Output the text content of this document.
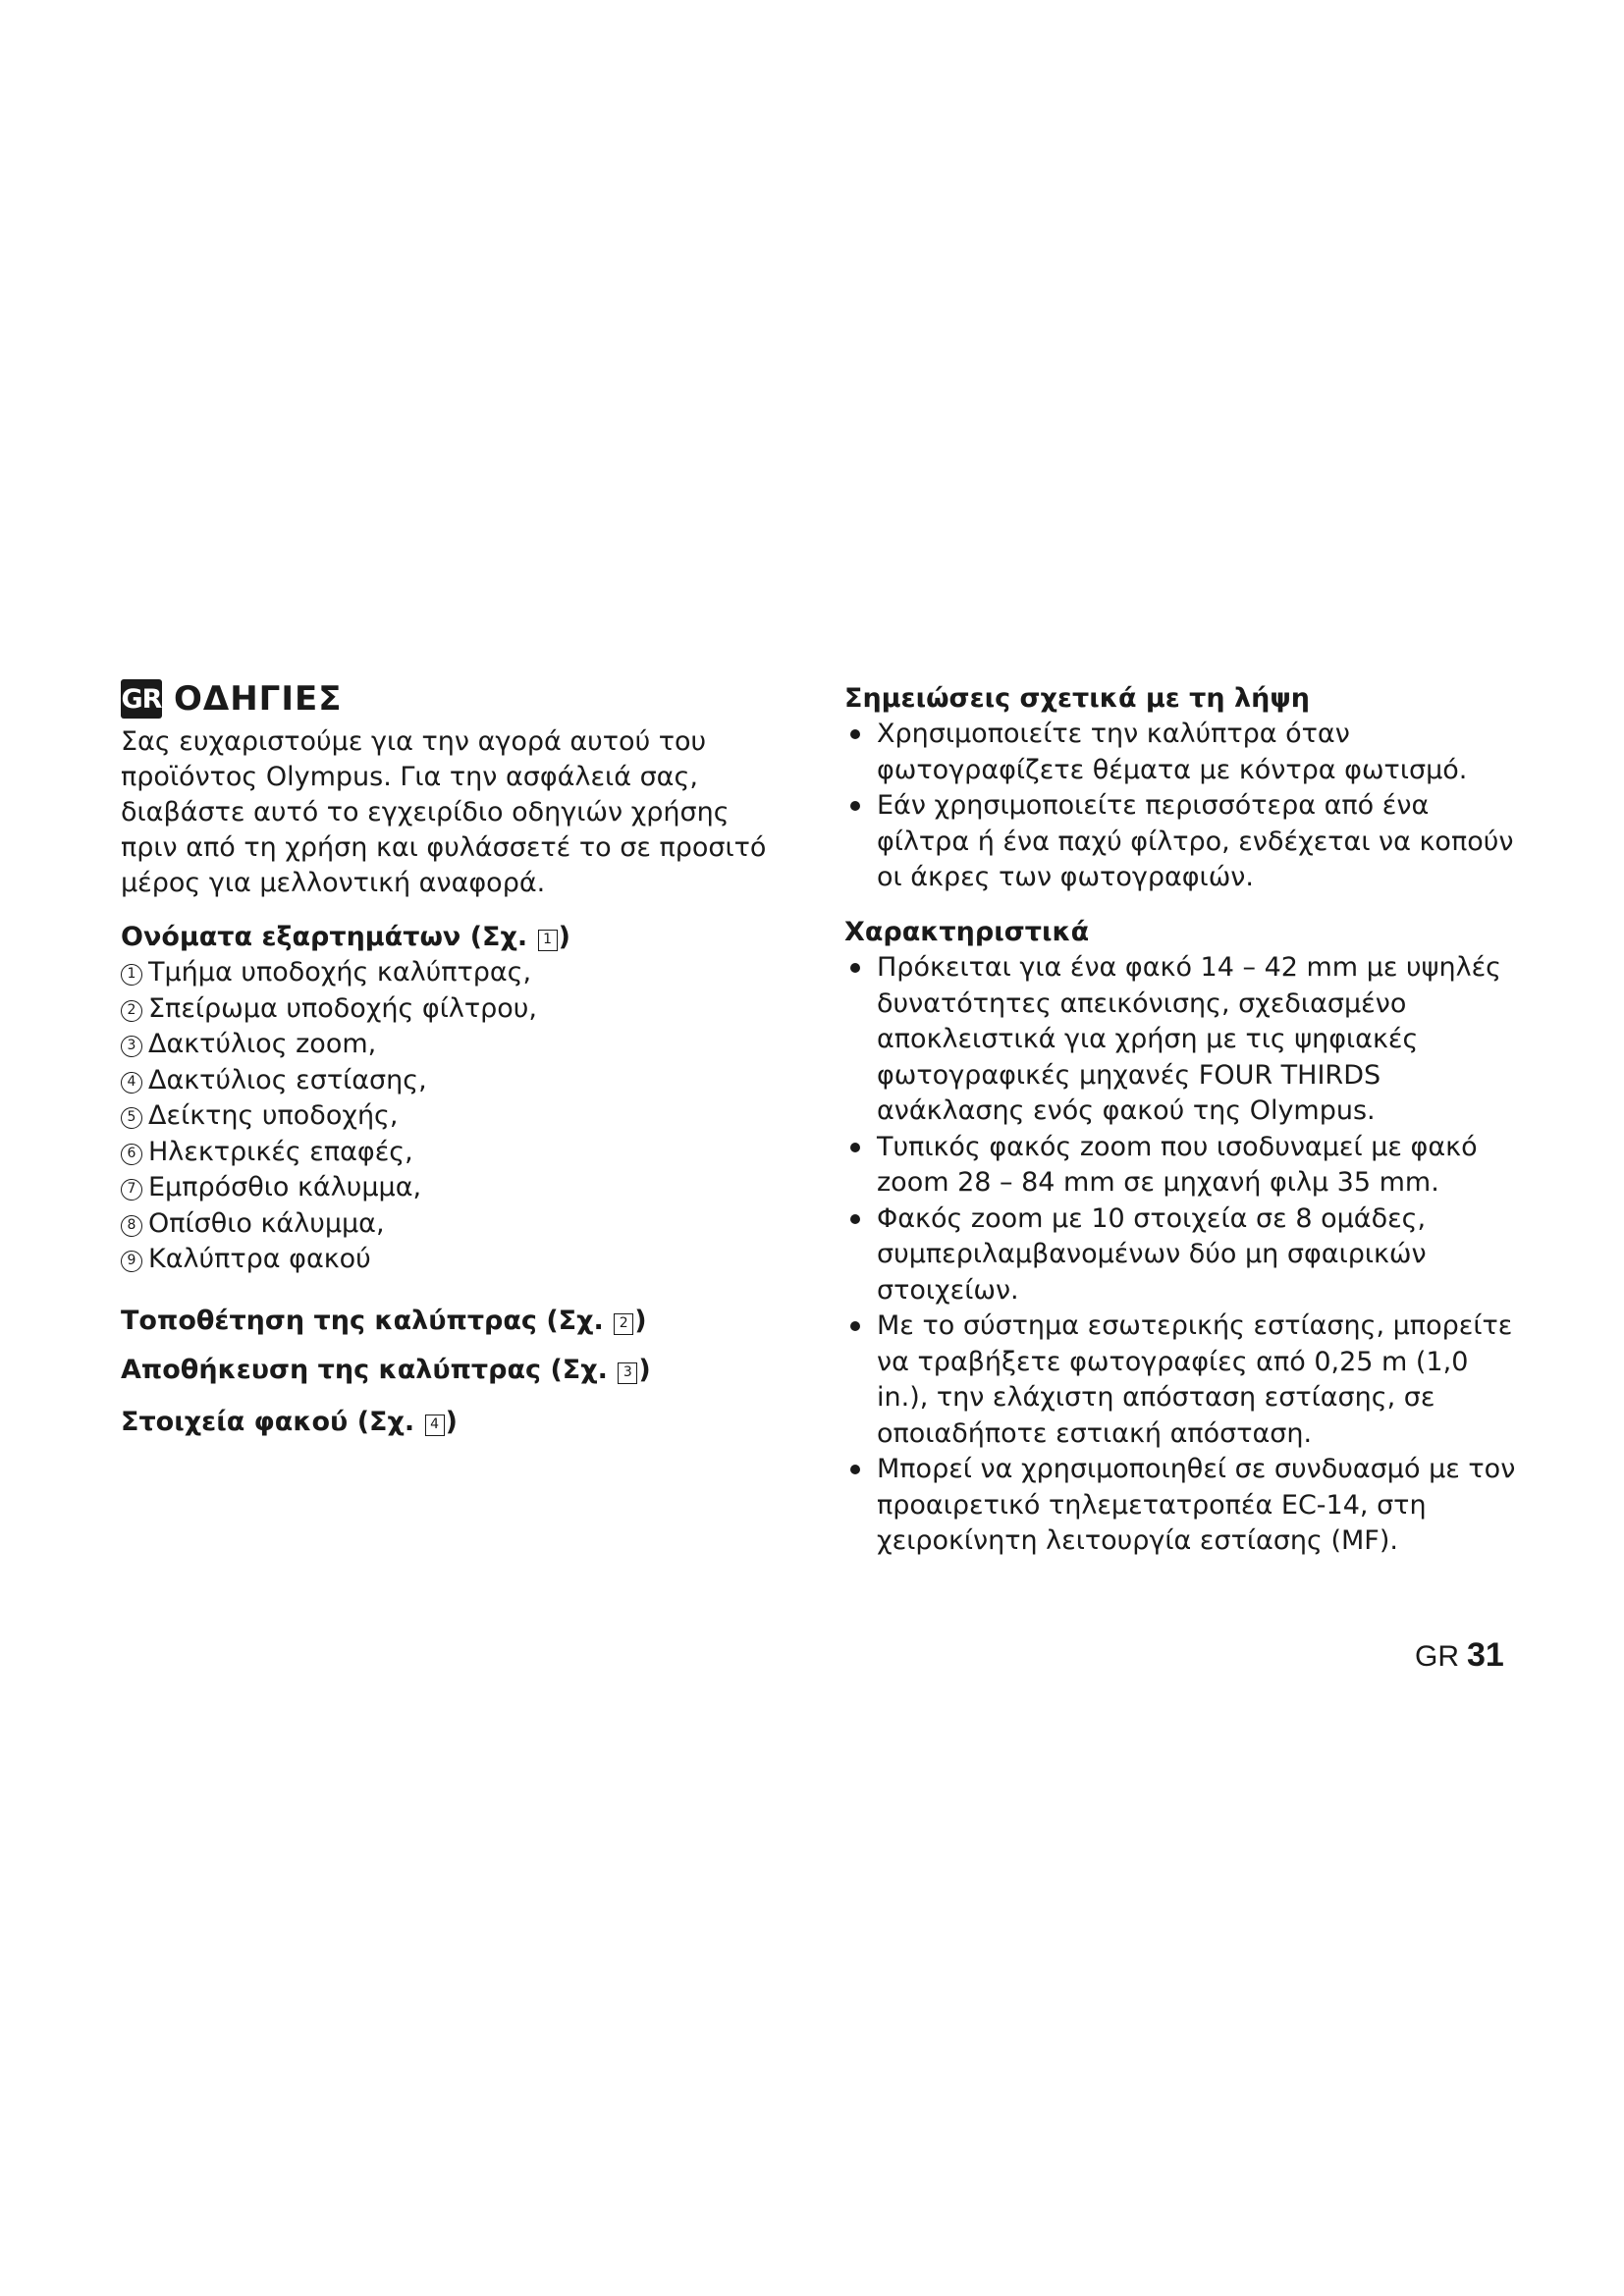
GR ΟΔΗΓΙΕΣ
Σας ευχαριστούμε για την αγορά αυτού του προϊόντος Olympus. Για την ασφάλειά σας, διαβάστε αυτό το εγχειρίδιο οδηγιών χρήσης πριν από τη χρήση και φυλάσσετέ το σε προσιτό μέρος για μελλοντική αναφορά.
Ονόματα εξαρτημάτων (Σχ. 1 )
1 Τμήμα υποδοχής καλύπτρας,
2 Σπείρωμα υποδοχής φίλτρου,
3 Δακτύλιος zoom,
4 Δακτύλιος εστίασης,
5 Δείκτης υποδοχής,
6 Ηλεκτρικές επαφές,
7 Εμπρόσθιο κάλυμμα,
8 Οπίσθιο κάλυμμα,
9 Καλύπτρα φακού
Τοποθέτηση της καλύπτρας (Σχ. 2 )
Αποθήκευση της καλύπτρας (Σχ. 3 )
Στοιχεία φακού (Σχ. 4 )
Σημειώσεις σχετικά με τη λήψη
Χρησιμοποιείτε την καλύπτρα όταν φωτογραφίζετε θέματα με κόντρα φωτισμό.
Εάν χρησιμοποιείτε περισσότερα από ένα φίλτρα ή ένα παχύ φίλτρο, ενδέχεται να κοπούν οι άκρες των φωτογραφιών.
Χαρακτηριστικά
Πρόκειται για ένα φακό 14 – 42 mm με υψηλές δυνατότητες απεικόνισης, σχεδιασμένο αποκλειστικά για χρήση με τις ψηφιακές φωτογραφικές μηχανές FOUR THIRDS ανάκλασης ενός φακού της Olympus.
Τυπικός φακός zoom που ισοδυναμεί με φακό zoom 28 – 84 mm σε μηχανή φιλμ 35 mm.
Φακός zoom με 10 στοιχεία σε 8 ομάδες, συμπεριλαμβανομένων δύο μη σφαιρικών στοιχείων.
Με το σύστημα εσωτερικής εστίασης, μπορείτε να τραβήξετε φωτογραφίες από 0,25 m (1,0 in.), την ελάχιστη απόσταση εστίασης, σε οποιαδήποτε εστιακή απόσταση.
Μπορεί να χρησιμοποιηθεί σε συνδυασμό με τον προαιρετικό τηλεμετατροπέα EC-14, στη χειροκίνητη λειτουργία εστίασης (MF).
GR 31
